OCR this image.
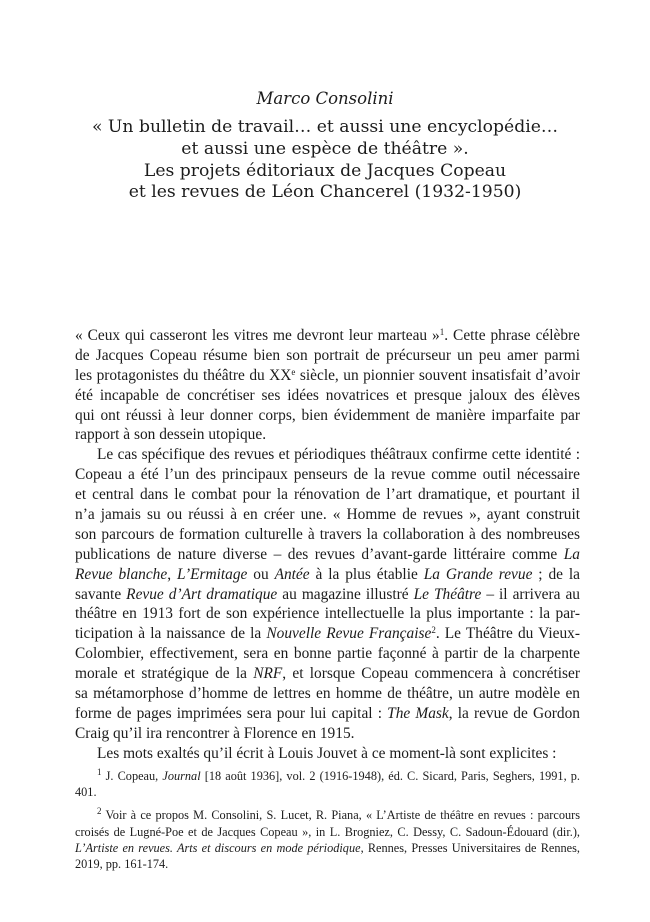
Marco Consolini
« Un bulletin de travail… et aussi une encyclopédie…
et aussi une espèce de théâtre ».
Les projets éditoriaux de Jacques Copeau
et les revues de Léon Chancerel (1932-1950)
« Ceux qui casseront les vitres me devront leur marteau »$^1$. Cette phrase célèbre
de Jacques Copeau résume bien son portrait de précurseur un peu amer parmi
les protagonistes du théâtre du XXe siècle, un pionnier souvent insatisfait d’avoir
été incapable de concrétiser ses idées novatrices et presque jaloux des élèves
qui ont réussi à leur donner corps, bien évidemment de manière imparfaite par
rapport à son dessein utopique.
Le cas spécifique des revues et périodiques théâtraux confirme cette identité :
Copeau a été l’un des principaux penseurs de la revue comme outil nécessaire
et central dans le combat pour la rénovation de l’art dramatique, et pourtant il
n’a jamais su ou réussi à en créer une. « Homme de revues », ayant construit
son parcours de formation culturelle à travers la collaboration à des nombreuses
publications de nature diverse – des revues d’avant-garde littéraire comme La
Revue blanche, L’Ermitage ou Antée à la plus établie La Grande revue ; de la
savante Revue d’Art dramatique au magazine illustré Le Théâtre – il arrivera au
théâtre en 1913 fort de son expérience intellectuelle la plus importante : la par-
ticipation à la naissance de la Nouvelle Revue Française$^2$. Le Théâtre du Vieux-
Colombier, effectivement, sera en bonne partie façonné à partir de la charpente
morale et stratégique de la NRF, et lorsque Copeau commencera à concrétiser
sa métamorphose d’homme de lettres en homme de théâtre, un autre modèle en
forme de pages imprimées sera pour lui capital : The Mask, la revue de Gordon
Craig qu’il ira rencontrer à Florence en 1915.
Les mots exaltés qu’il écrit à Louis Jouvet à ce moment-là sont explicites :
$^1$ J. Copeau, Journal [18 août 1936], vol. 2 (1916-1948), éd. C. Sicard, Paris, Seghers, 1991, p.
401.
$^2$ Voir à ce propos M. Consolini, S. Lucet, R. Piana, « L’Artiste de théâtre en revues : parcours
croisés de Lugné-Poe et de Jacques Copeau », in L. Brogniez, C. Dessy, C. Sadoun-Édouard (dir.),
L’Artiste en revues. Arts et discours en mode périodique, Rennes, Presses Universitaires de Rennes,
2019, pp. 161-174.
